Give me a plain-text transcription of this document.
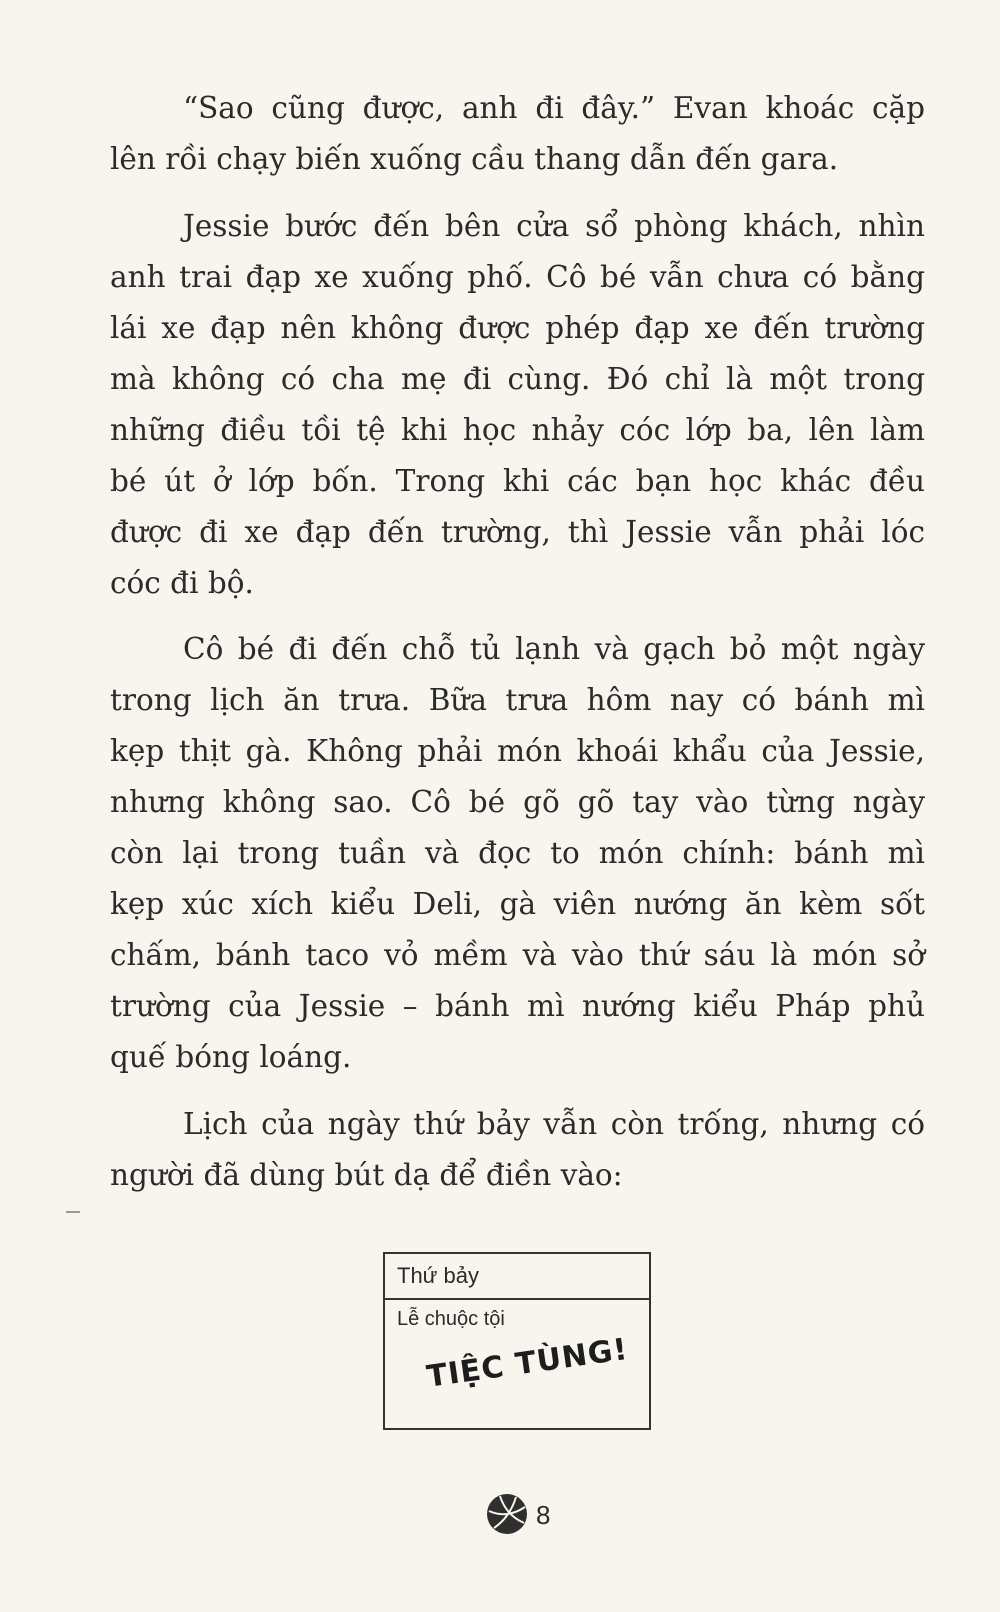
“Sao cũng được, anh đi đây.” Evan khoác cặp
lên rồi chạy biến xuống cầu thang dẫn đến gara.
Jessie bước đến bên cửa sổ phòng khách, nhìn
anh trai đạp xe xuống phố. Cô bé vẫn chưa có bằng
lái xe đạp nên không được phép đạp xe đến trường
mà không có cha mẹ đi cùng. Đó chỉ là một trong
những điều tồi tệ khi học nhảy cóc lớp ba, lên làm
bé út ở lớp bốn. Trong khi các bạn học khác đều
được đi xe đạp đến trường, thì Jessie vẫn phải lóc
cóc đi bộ.
Cô bé đi đến chỗ tủ lạnh và gạch bỏ một ngày
trong lịch ăn trưa. Bữa trưa hôm nay có bánh mì
kẹp thịt gà. Không phải món khoái khẩu của Jessie,
nhưng không sao. Cô bé gõ gõ tay vào từng ngày
còn lại trong tuần và đọc to món chính: bánh mì
kẹp xúc xích kiểu Deli, gà viên nướng ăn kèm sốt
chấm, bánh taco vỏ mềm và vào thứ sáu là món sở
trường của Jessie – bánh mì nướng kiểu Pháp phủ
quế bóng loáng.
Lịch của ngày thứ bảy vẫn còn trống, nhưng có
người đã dùng bút dạ để điền vào:
Thứ bảy
Lễ chuộc tội
TIỆC TÙNG!
8
